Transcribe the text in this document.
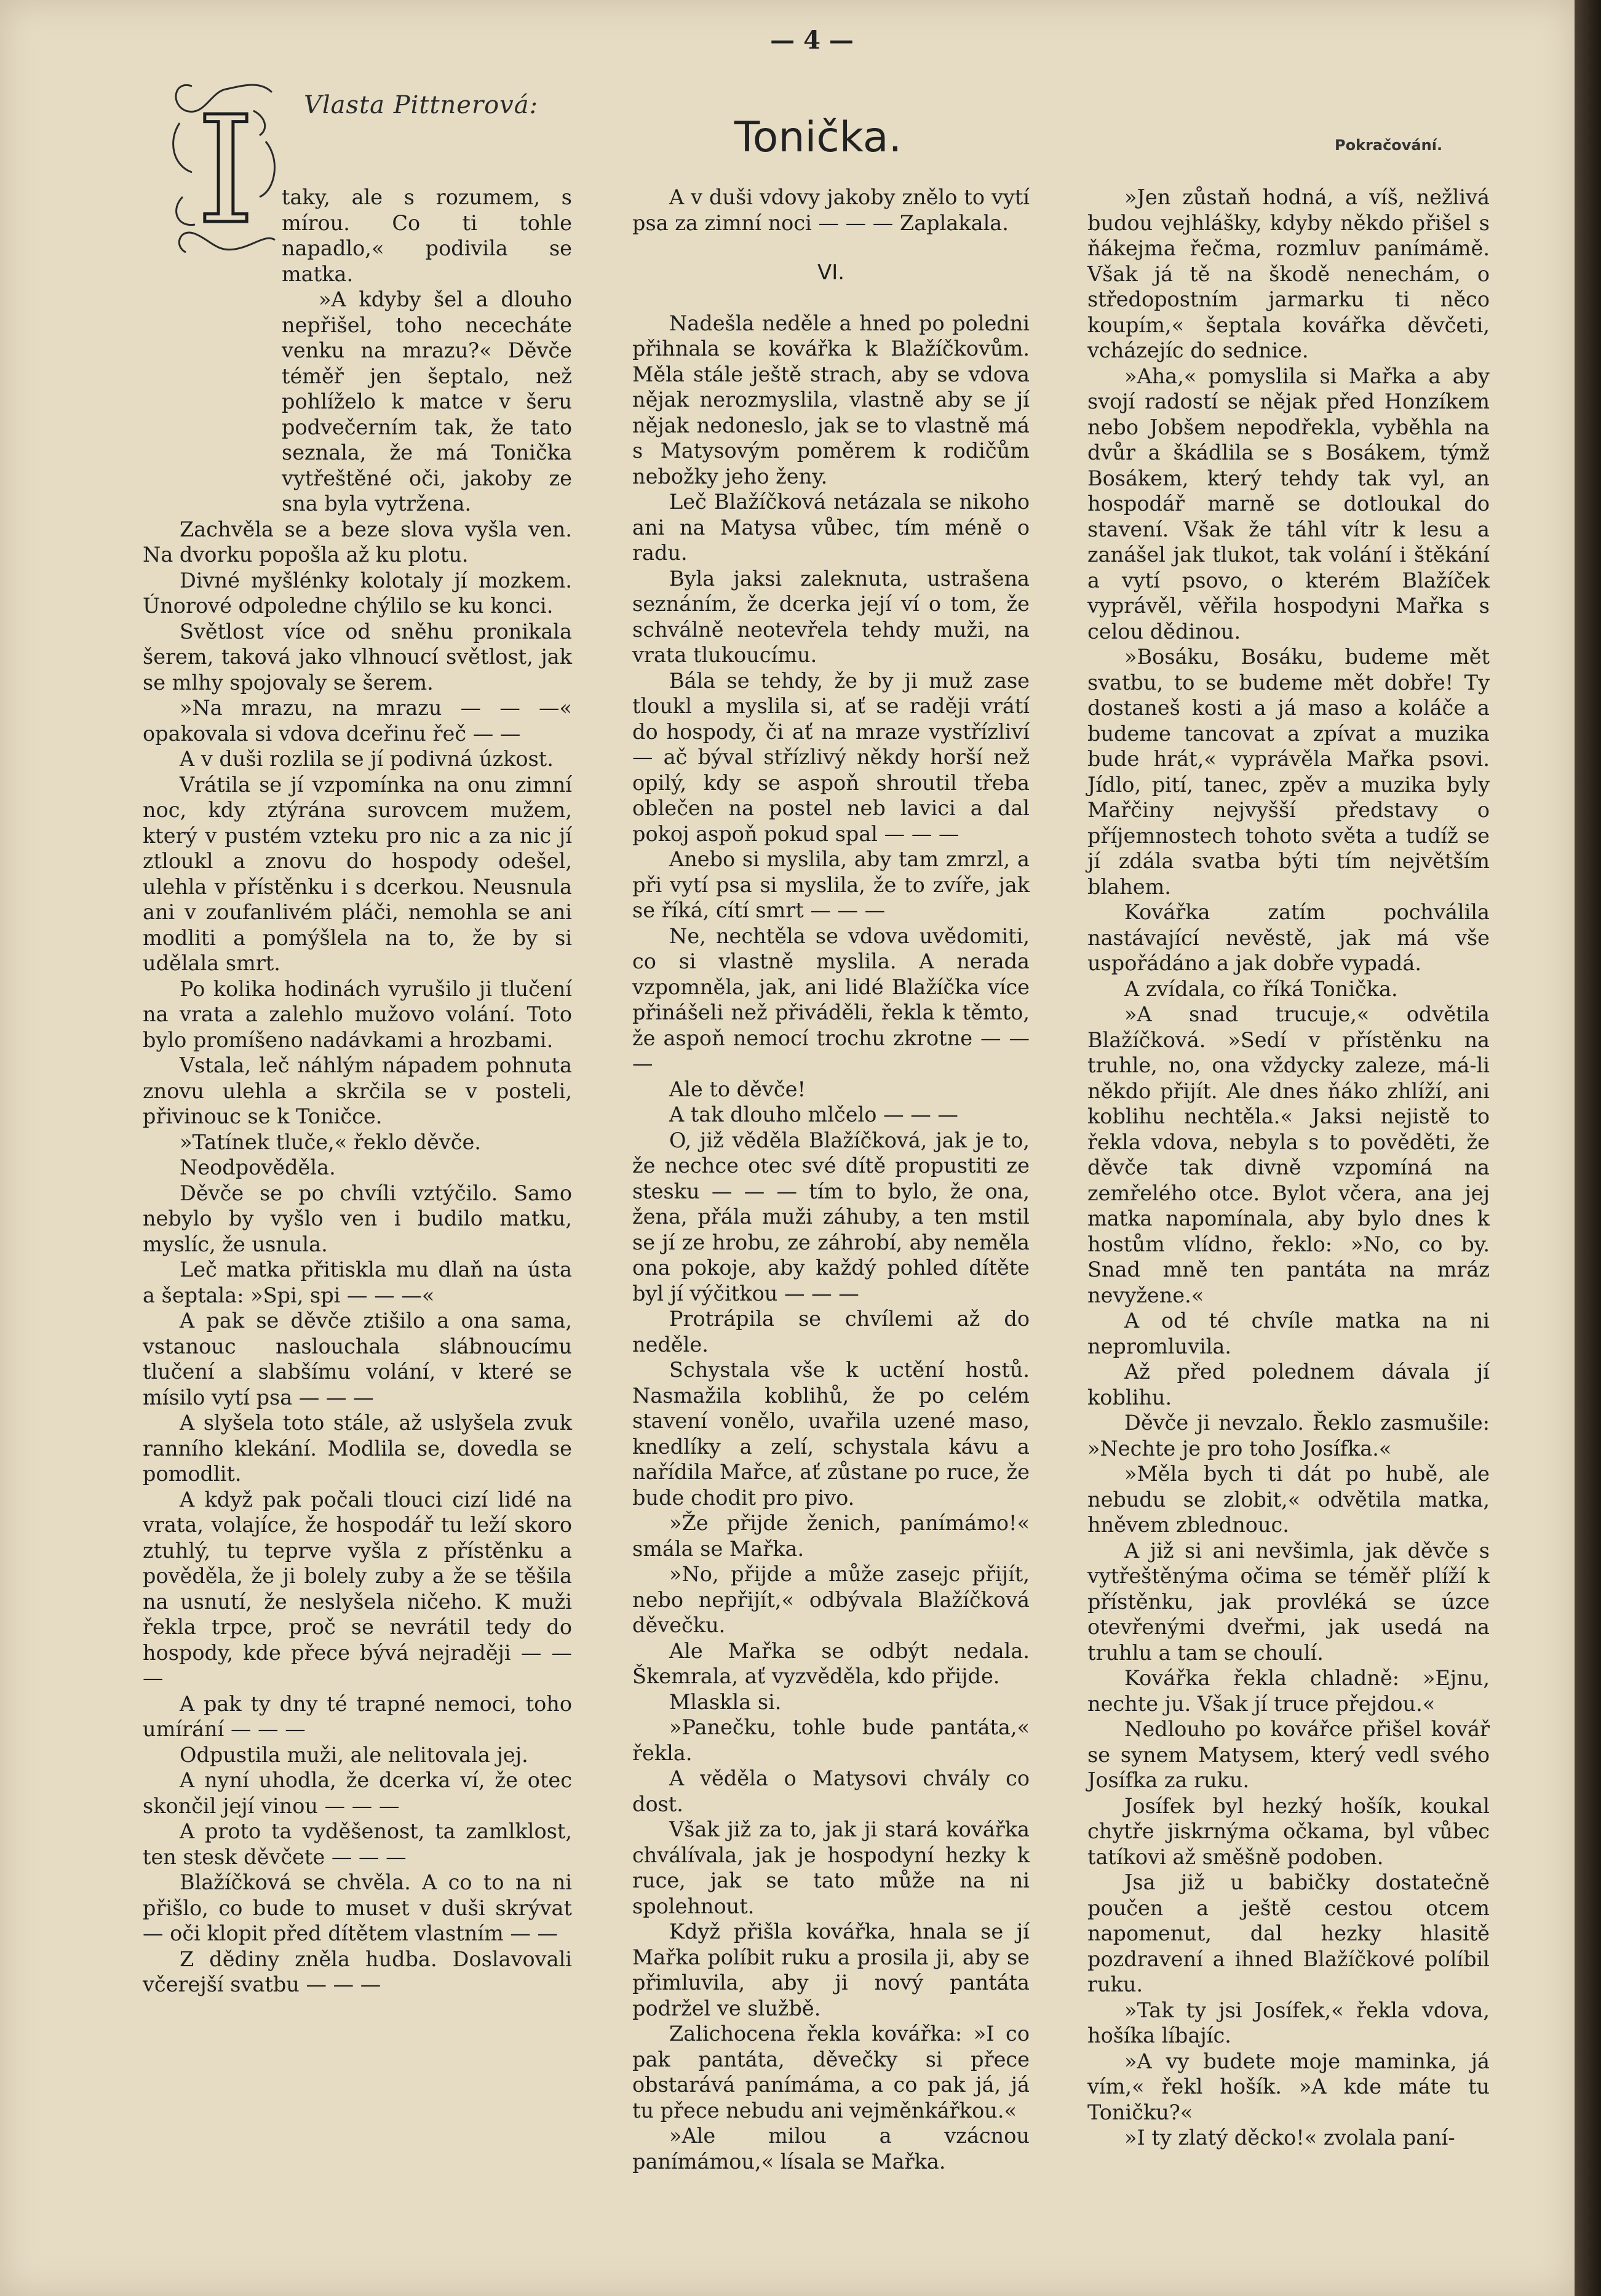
— 4 —
Vlasta Pittnerová:
Tonička.	Pokračování.
I taky, ale s rozumem, s mírou. Co ti tohle napadlo,« podivila se matka.

»A kdyby šel a dlouho nepřišel, toho nececháte venku na mrazu?« Děvče téměř jen šeptalo, než pohlíželo k matce v šeru podvečerním tak, že tato seznala, že má Tonička vytřeštěné oči, jakoby ze sna byla vytržena.

Zachvěla se a beze slova vyšla ven. Na dvorku popošla až ku plotu.

Divné myšlénky kolotaly jí mozkem. Únorové odpoledne chýlilo se ku konci.

Světlost více od sněhu pronikala šerem, taková jako vlhnoucí světlost, jak se mlhy spojovaly se šerem.

»Na mrazu, na mrazu — — —« opakovala si vdova dceřinu řeč — —

A v duši rozlila se jí podivná úzkost.

Vrátila se jí vzpomínka na onu zimní noc, kdy ztýrána surovcem mužem, který v pustém vzteku pro nic a za nic jí ztloukl a znovu do hospody odešel, ulehla v přístěnku i s dcerkou. Neusnula ani v zoufanlivém pláči, nemohla se ani modliti a pomýšlela na to, že by si udělala smrt.

Po kolika hodinách vyrušilo ji tlučení na vrata a zalehlo mužovo volání. Toto bylo promíšeno nadávkami a hrozbami.

Vstala, leč náhlým nápadem pohnuta znovu ulehla a skrčila se v posteli, přivinouc se k Toničce.

»Tatínek tluče,« řeklo děvče.

Neodpověděla.

Děvče se po chvíli vztýčilo. Samo nebylo by vyšlo ven i budilo matku, myslíc, že usnula.

Leč matka přitiskla mu dlaň na ústa a šeptala: »Spi, spi — — —«

A pak se děvče ztišilo a ona sama, vstanouc naslouchala slábnoucímu tlučení a slabšímu volání, v které se mísilo vytí psa — — —

A slyšela toto stále, až uslyšela zvuk ranního klekání. Modlila se, dovedla se pomodlit.

A když pak počali tlouci cizí lidé na vrata, volajíce, že hospodář tu leží skoro ztuhlý, tu teprve vyšla z přístěnku a pověděla, že ji bolely zuby a že se těšila na usnutí, že neslyšela ničeho. K muži řekla trpce, proč se nevrátil tedy do hospody, kde přece bývá nejraději — — —

A pak ty dny té trapné nemoci, toho umírání — — —

Odpustila muži, ale nelitovala jej.

A nyní uhodla, že dcerka ví, že otec skončil její vinou — — —

A proto ta vyděšenost, ta zamlklost, ten stesk děvčete — — —

Blažíčková se chvěla. A co to na ni přišlo, co bude to muset v duši skrývat — oči klopit před dítětem vlastním — —

Z dědiny zněla hudba. Doslavovali včerejší svatbu — — —

A v duši vdovy jakoby znělo to vytí psa za zimní noci — — — Zaplakala.

VI.

Nadešla neděle a hned po poledni přihnala se kovářka k Blažíčkovům. Měla stále ještě strach, aby se vdova nějak nerozmyslila, vlastně aby se jí nějak nedoneslo, jak se to vlastně má s Matysovým poměrem k rodičům nebožky jeho ženy.

Leč Blažíčková netázala se nikoho ani na Matysa vůbec, tím méně o radu.

Byla jaksi zaleknuta, ustrašena seznáním, že dcerka její ví o tom, že schválně neotevřela tehdy muži, na vrata tlukoucímu.

Bála se tehdy, že by ji muž zase tloukl a myslila si, ať se raději vrátí do hospody, či ať na mraze vystřízliví — ač býval střízlivý někdy horší než opilý, kdy se aspoň shroutil třeba oblečen na postel neb lavici a dal pokoj aspoň pokud spal — — —

Anebo si myslila, aby tam zmrzl, a při vytí psa si myslila, že to zvíře, jak se říká, cítí smrt — — —

Ne, nechtěla se vdova uvědomiti, co si vlastně myslila. A nerada vzpomněla, jak, ani lidé Blažíčka více přinášeli než přiváděli, řekla k těmto, že aspoň nemocí trochu zkrotne — — —

Ale to děvče!

A tak dlouho mlčelo — — —

O, již věděla Blažíčková, jak je to, že nechce otec své dítě propustiti ze stesku — — — tím to bylo, že ona, žena, přála muži záhuby, a ten mstil se jí ze hrobu, ze záhrobí, aby neměla ona pokoje, aby každý pohled dítěte byl jí výčitkou — — —

Protrápila se chvílemi až do neděle.

Schystala vše k uctění hostů. Nasmažila koblihů, že po celém stavení vonělo, uvařila uzené maso, knedlíky a zelí, schystala kávu a nařídila Mařce, ať zůstane po ruce, že bude chodit pro pivo.

»Že přijde ženich, panímámo!« smála se Mařka.

»No, přijde a může zasejc přijít, nebo nepřijít,« odbývala Blažíčková děvečku.

Ale Mařka se odbýt nedala. Škemrala, ať vyzvěděla, kdo přijde.

Mlaskla si.

»Panečku, tohle bude pantáta,« řekla.

A věděla o Matysovi chvály co dost.

Však již za to, jak ji stará kovářka chválívala, jak je hospodyní hezky k ruce, jak se tato může na ni spolehnout.

Když přišla kovářka, hnala se jí Mařka políbit ruku a prosila ji, aby se přimluvila, aby ji nový pantáta podržel ve službě.

Zalichocena řekla kovářka: »I co pak pantáta, děvečky si přece obstarává panímáma, a co pak já, já tu přece nebudu ani vejměnkářkou.«

»Ale milou a vzácnou panímámou,« lísala se Mařka.

»Jen zůstaň hodná, a víš, nežlivá budou vejhlášky, kdyby někdo přišel s ňákejma řečma, rozmluv panímámě. Však já tě na škodě nenechám, o středopostním jarmarku ti něco koupím,« šeptala kovářka děvčeti, vcházejíc do sednice.

»Aha,« pomyslila si Mařka a aby svojí radostí se nějak před Honzíkem nebo Jobšem nepodřekla, vyběhla na dvůr a škádlila se s Bosákem, týmž Bosákem, který tehdy tak vyl, an hospodář marně se dotloukal do stavení. Však že táhl vítr k lesu a zanášel jak tlukot, tak volání i štěkání a vytí psovo, o kterém Blažíček vyprávěl, věřila hospodyni Mařka s celou dědinou.

»Bosáku, Bosáku, budeme mět svatbu, to se budeme mět dobře! Ty dostaneš kosti a já maso a koláče a budeme tancovat a zpívat a muzika bude hrát,« vyprávěla Mařka psovi. Jídlo, pití, tanec, zpěv a muzika byly Mařčiny nejvyšší představy o příjemnostech tohoto světa a tudíž se jí zdála svatba býti tím největším blahem.

Kovářka zatím pochválila nastávající nevěstě, jak má vše uspořádáno a jak dobře vypadá.

A zvídala, co říká Tonička.

»A snad trucuje,« odvětila Blažíčková. »Sedí v přístěnku na truhle, no, ona vždycky zaleze, má-li někdo přijít. Ale dnes ňáko zhlíží, ani koblihu nechtěla.« Jaksi nejistě to řekla vdova, nebyla s to pověděti, že děvče tak divně vzpomíná na zemřelého otce. Bylot včera, ana jej matka napomínala, aby bylo dnes k hostům vlídno, řeklo: »No, co by. Snad mně ten pantáta na mráz nevyžene.«

A od té chvíle matka na ni nepromluvila.

Až před polednem dávala jí koblihu.

Děvče ji nevzalo. Řeklo zasmušile: »Nechte je pro toho Josífka.«

»Měla bych ti dát po hubě, ale nebudu se zlobit,« odvětila matka, hněvem zblednouc.

A již si ani nevšimla, jak děvče s vytřeštěnýma očima se téměř plíží k přístěnku, jak provléká se úzce otevřenými dveřmi, jak usedá na truhlu a tam se choulí.

Kovářka řekla chladně: »Ejnu, nechte ju. Však jí truce přejdou.«

Nedlouho po kovářce přišel kovář se synem Matysem, který vedl svého Josífka za ruku.

Josífek byl hezký hošík, koukal chytře jiskrnýma očkama, byl vůbec tatíkovi až směšně podoben.

Jsa již u babičky dostatečně poučen a ještě cestou otcem napomenut, dal hezky hlasitě pozdravení a ihned Blažíčkové políbil ruku.

»Tak ty jsi Josífek,« řekla vdova, hošíka líbajíc.

»A vy budete moje maminka, já vím,« řekl hošík. »A kde máte tu Toničku?«

»I ty zlatý děcko!« zvolala paní-
